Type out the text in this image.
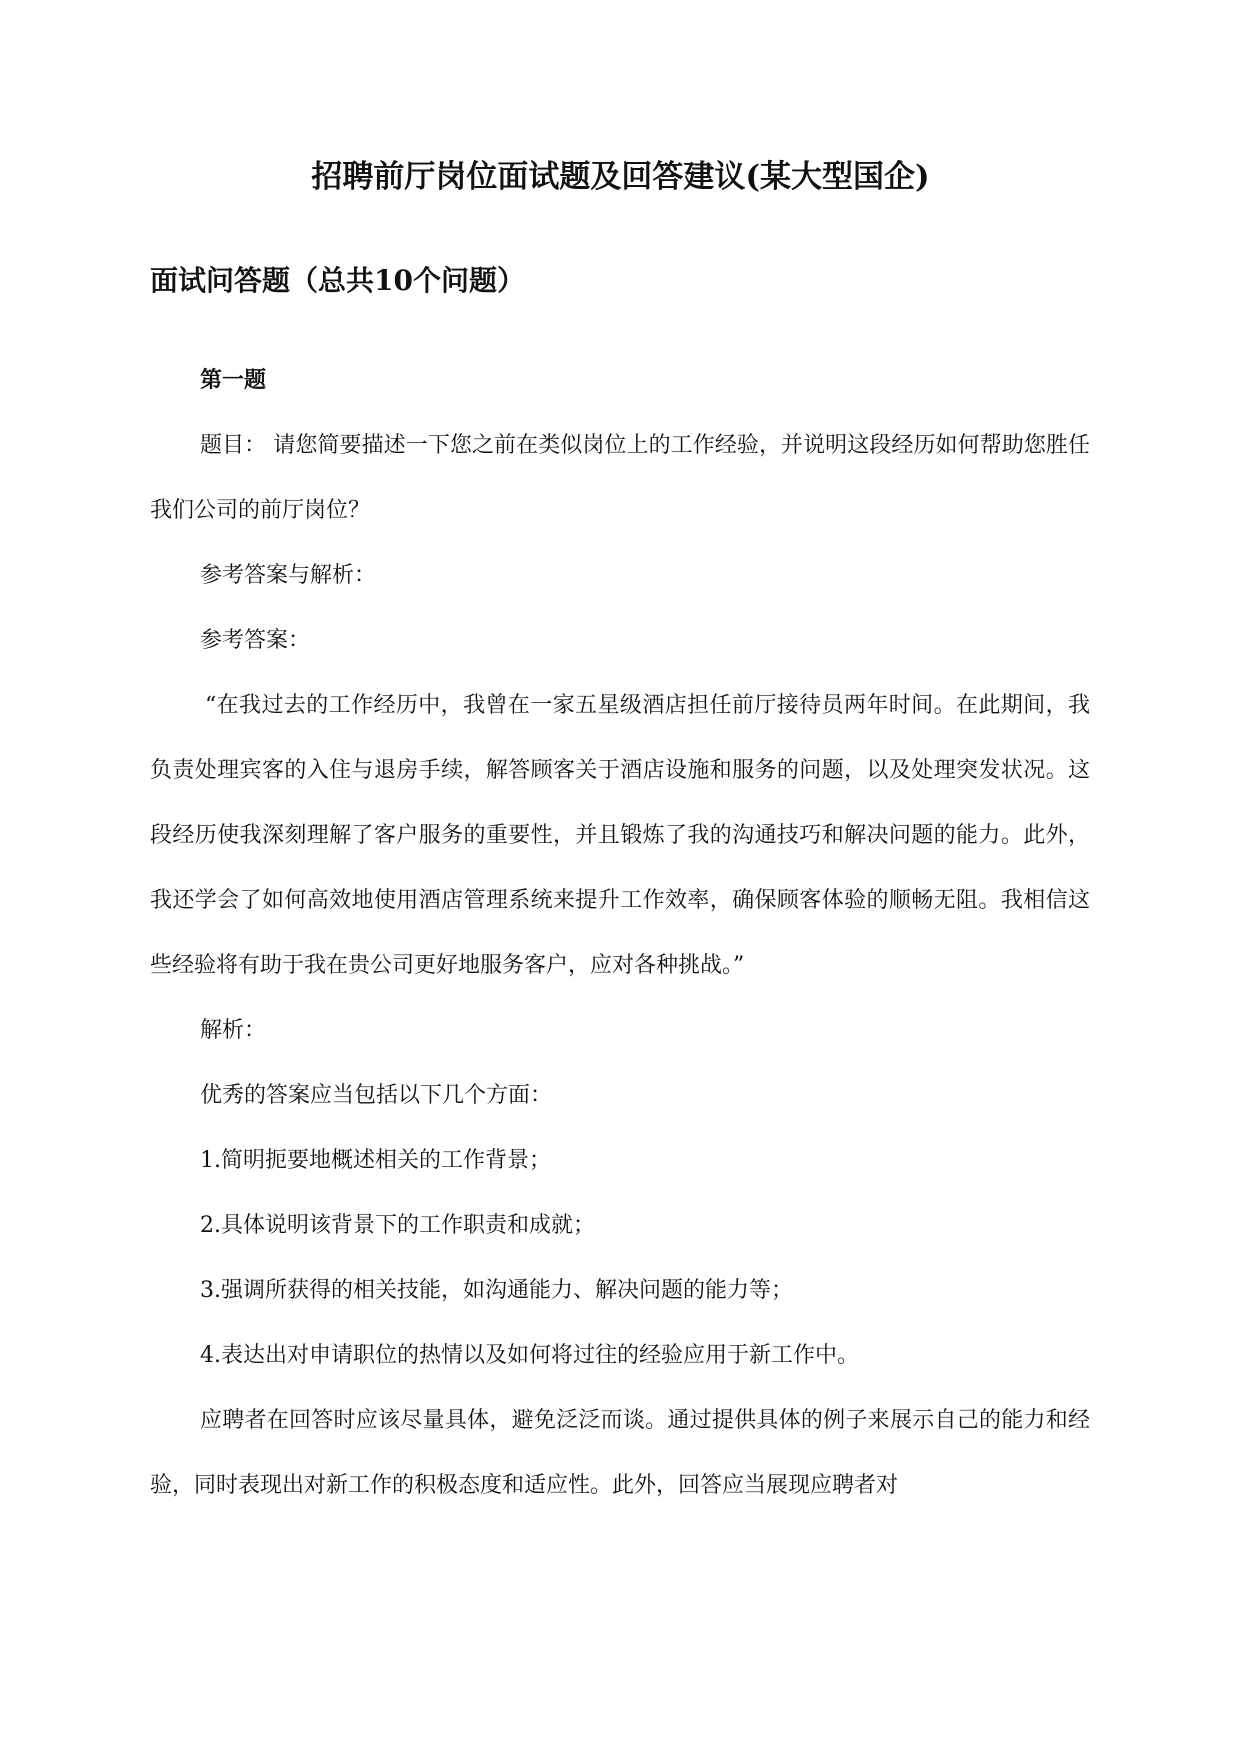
招聘前厅岗位面试题及回答建议(某大型国企)
面试问答题（总共10个问题）

第一题

题目： 请您简要描述一下您之前在类似岗位上的工作经验，并说明这段经历如何帮助您胜任我们公司的前厅岗位？

参考答案与解析：

参考答案：

“在我过去的工作经历中，我曾在一家五星级酒店担任前厅接待员两年时间。在此期间，我负责处理宾客的入住与退房手续，解答顾客关于酒店设施和服务的问题，以及处理突发状况。这段经历使我深刻理解了客户服务的重要性，并且锻炼了我的沟通技巧和解决问题的能力。此外，我还学会了如何高效地使用酒店管理系统来提升工作效率，确保顾客体验的顺畅无阻。我相信这些经验将有助于我在贵公司更好地服务客户，应对各种挑战。”

解析：

优秀的答案应当包括以下几个方面：

1.简明扼要地概述相关的工作背景；

2.具体说明该背景下的工作职责和成就；

3.强调所获得的相关技能，如沟通能力、解决问题的能力等；

4.表达出对申请职位的热情以及如何将过往的经验应用于新工作中。

应聘者在回答时应该尽量具体，避免泛泛而谈。通过提供具体的例子来展示自己的能力和经验，同时表现出对新工作的积极态度和适应性。此外，回答应当展现应聘者对
